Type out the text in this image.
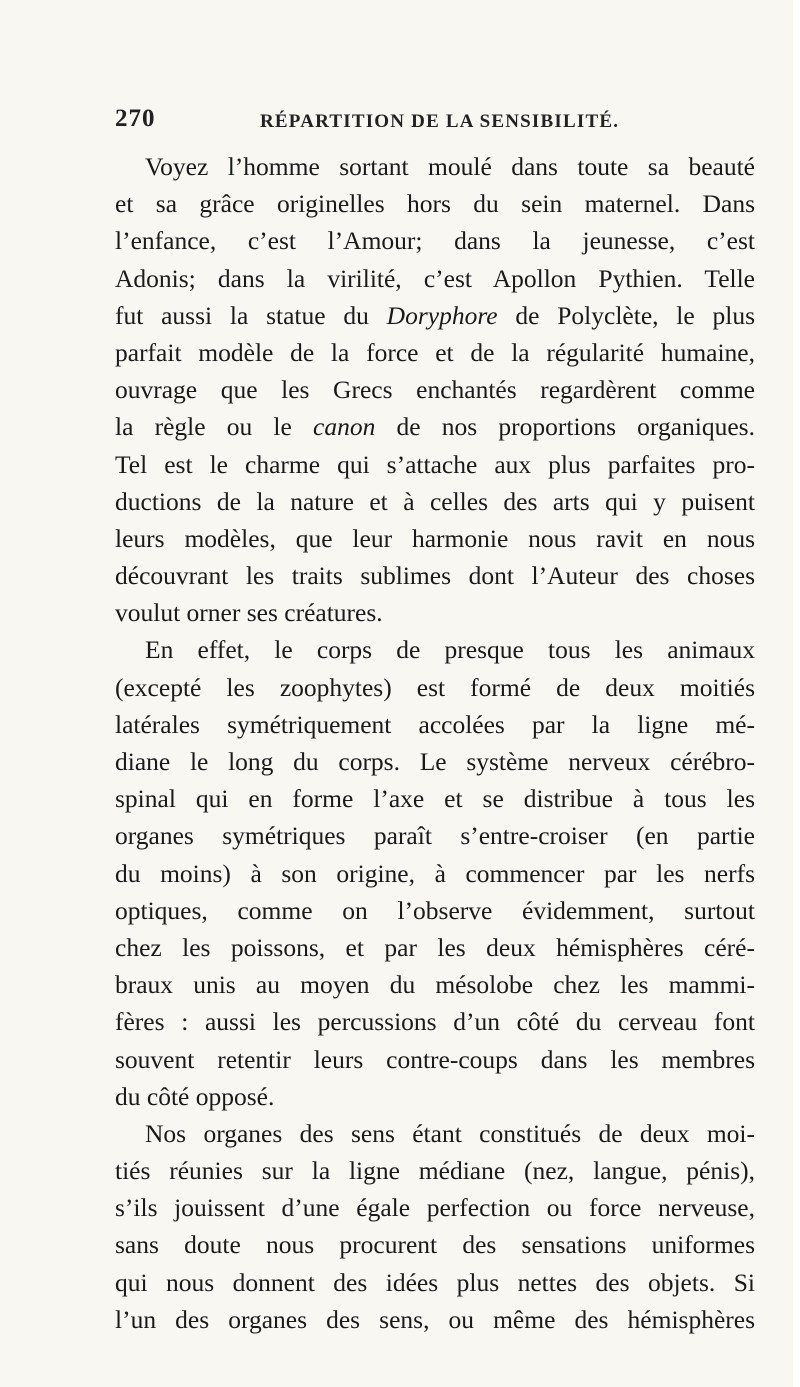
270	RÉPARTITION DE LA SENSIBILITÉ.
Voyez l’homme sortant moulé dans toute sa beauté
et sa grâce originelles hors du sein maternel. Dans
l’enfance, c’est l’Amour; dans la jeunesse, c’est
Adonis; dans la virilité, c’est Apollon Pythien. Telle
fut aussi la statue du Doryphore de Polyclète, le plus
parfait modèle de la force et de la régularité humaine,
ouvrage que les Grecs enchantés regardèrent comme
la règle ou le canon de nos proportions organiques.
Tel est le charme qui s’attache aux plus parfaites pro-
ductions de la nature et à celles des arts qui y puisent
leurs modèles, que leur harmonie nous ravit en nous
découvrant les traits sublimes dont l’Auteur des choses
voulut orner ses créatures.
En effet, le corps de presque tous les animaux
(excepté les zoophytes) est formé de deux moitiés
latérales symétriquement accolées par la ligne mé-
diane le long du corps. Le système nerveux cérébro-
spinal qui en forme l’axe et se distribue à tous les
organes symétriques paraît s’entre-croiser (en partie
du moins) à son origine, à commencer par les nerfs
optiques, comme on l’observe évidemment, surtout
chez les poissons, et par les deux hémisphères céré-
braux unis au moyen du mésolobe chez les mammi-
fères : aussi les percussions d’un côté du cerveau font
souvent retentir leurs contre-coups dans les membres
du côté opposé.
Nos organes des sens étant constitués de deux moi-
tiés réunies sur la ligne médiane (nez, langue, pénis),
s’ils jouissent d’une égale perfection ou force nerveuse,
sans doute nous procurent des sensations uniformes
qui nous donnent des idées plus nettes des objets. Si
l’un des organes des sens, ou même des hémisphères
